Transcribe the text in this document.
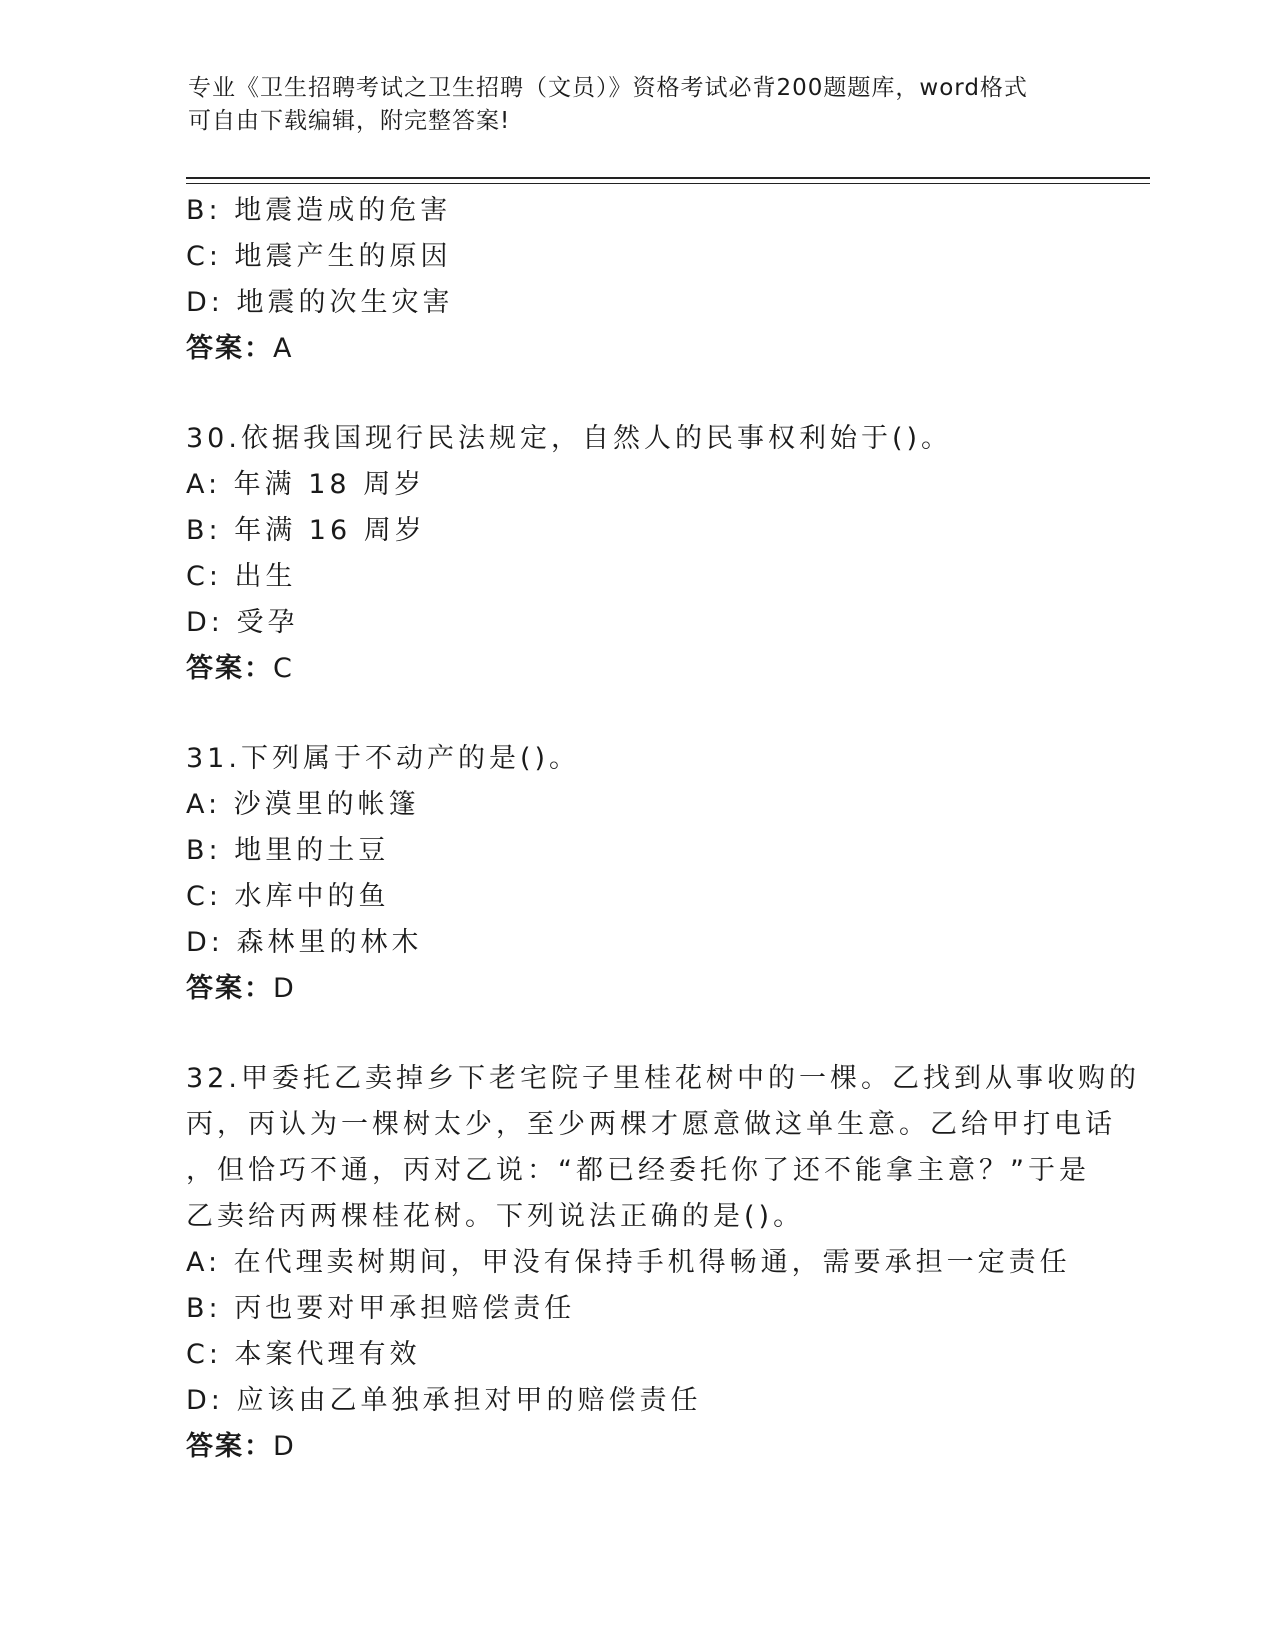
专业《卫生招聘考试之卫生招聘（文员）》资格考试必背200题题库，word格式
可自由下载编辑，附完整答案!
B: 地震造成的危害
C: 地震产生的原因
D: 地震的次生灾害
答案：A
30.依据我国现行民法规定，自然人的民事权利始于()。
A: 年满 18 周岁
B: 年满 16 周岁
C: 出生
D: 受孕
答案：C
31.下列属于不动产的是()。
A: 沙漠里的帐篷
B: 地里的土豆
C: 水库中的鱼
D: 森林里的林木
答案：D
32.甲委托乙卖掉乡下老宅院子里桂花树中的一棵。乙找到从事收购的
丙，丙认为一棵树太少，至少两棵才愿意做这单生意。乙给甲打电话
，但恰巧不通，丙对乙说：“都已经委托你了还不能拿主意？”于是
乙卖给丙两棵桂花树。下列说法正确的是()。
A: 在代理卖树期间，甲没有保持手机得畅通，需要承担一定责任
B: 丙也要对甲承担赔偿责任
C: 本案代理有效
D: 应该由乙单独承担对甲的赔偿责任
答案：D
